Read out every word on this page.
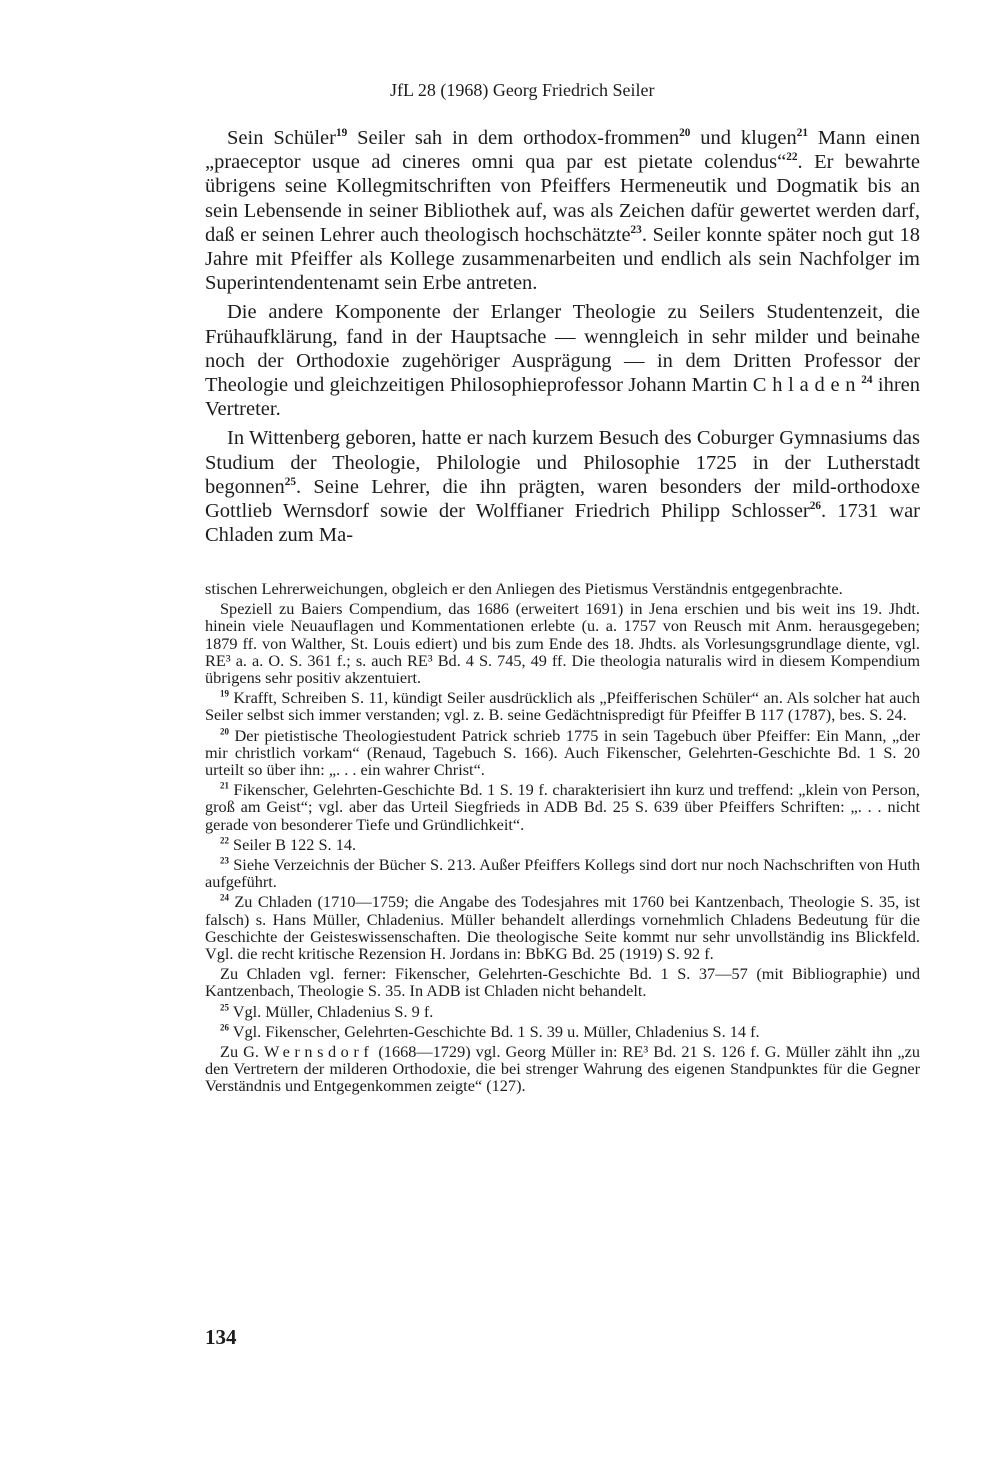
JfL 28 (1968) Georg Friedrich Seiler

Sein Schüler$^{19}$ Seiler sah in dem orthodox-frommen$^{20}$ und klugen$^{21}$ Mann einen „praeceptor usque ad cineres omni qua par est pietate colendus“$^{22}$. Er bewahrte übrigens seine Kollegmitschriften von Pfeiffers Hermeneutik und Dogmatik bis an sein Lebensende in seiner Bibliothek auf, was als Zeichen dafür gewertet werden darf, daß er seinen Lehrer auch theologisch hochschätzte$^{23}$. Seiler konnte später noch gut 18 Jahre mit Pfeiffer als Kollege zusammenarbeiten und endlich als sein Nachfolger im Superintendentenamt sein Erbe antreten.

Die andere Komponente der Erlanger Theologie zu Seilers Studentenzeit, die Frühaufklärung, fand in der Hauptsache — wenngleich in sehr milder und beinahe noch der Orthodoxie zugehöriger Ausprägung — in dem Dritten Professor der Theologie und gleichzeitigen Philosophieprofessor Johann Martin Chladen$^{24}$ ihren Vertreter.

In Wittenberg geboren, hatte er nach kurzem Besuch des Coburger Gymnasiums das Studium der Theologie, Philologie und Philosophie 1725 in der Lutherstadt begonnen$^{25}$. Seine Lehrer, die ihn prägten, waren besonders der mild-orthodoxe Gottlieb Wernsdorf sowie der Wolffianer Friedrich Philipp Schlosser$^{26}$. 1731 war Chladen zum Ma-

stischen Lehrerweichungen, obgleich er den Anliegen des Pietismus Verständnis entgegenbrachte.

Speziell zu Baiers Compendium, das 1686 (erweitert 1691) in Jena erschien und bis weit ins 19. Jhdt. hinein viele Neuauflagen und Kommentationen erlebte (u. a. 1757 von Reusch mit Anm. herausgegeben; 1879 ff. von Walther, St. Louis ediert) und bis zum Ende des 18. Jhdts. als Vorlesungsgrundlage diente, vgl. RE³ a. a. O. S. 361 f.; s. auch RE³ Bd. 4 S. 745, 49 ff. Die theologia naturalis wird in diesem Kompendium übrigens sehr positiv akzentuiert.

$^{19}$ Krafft, Schreiben S. 11, kündigt Seiler ausdrücklich als „Pfeifferischen Schüler“ an. Als solcher hat auch Seiler selbst sich immer verstanden; vgl. z. B. seine Gedächtnispredigt für Pfeiffer B 117 (1787), bes. S. 24.

$^{20}$ Der pietistische Theologiestudent Patrick schrieb 1775 in sein Tagebuch über Pfeiffer: Ein Mann, „der mir christlich vorkam“ (Renaud, Tagebuch S. 166). Auch Fikenscher, Gelehrten-Geschichte Bd. 1 S. 20 urteilt so über ihn: „. . . ein wahrer Christ“.

$^{21}$ Fikenscher, Gelehrten-Geschichte Bd. 1 S. 19 f. charakterisiert ihn kurz und treffend: „klein von Person, groß am Geist“; vgl. aber das Urteil Siegfrieds in ADB Bd. 25 S. 639 über Pfeiffers Schriften: „. . . nicht gerade von besonderer Tiefe und Gründlichkeit“.

$^{22}$ Seiler B 122 S. 14.

$^{23}$ Siehe Verzeichnis der Bücher S. 213. Außer Pfeiffers Kollegs sind dort nur noch Nachschriften von Huth aufgeführt.

$^{24}$ Zu Chladen (1710—1759; die Angabe des Todesjahres mit 1760 bei Kantzenbach, Theologie S. 35, ist falsch) s. Hans Müller, Chladenius. Müller behandelt allerdings vornehmlich Chladens Bedeutung für die Geschichte der Geisteswissenschaften. Die theologische Seite kommt nur sehr unvollständig ins Blickfeld. Vgl. die recht kritische Rezension H. Jordans in: BbKG Bd. 25 (1919) S. 92 f.

Zu Chladen vgl. ferner: Fikenscher, Gelehrten-Geschichte Bd. 1 S. 37—57 (mit Bibliographie) und Kantzenbach, Theologie S. 35. In ADB ist Chladen nicht behandelt.

$^{25}$ Vgl. Müller, Chladenius S. 9 f.

$^{26}$ Vgl. Fikenscher, Gelehrten-Geschichte Bd. 1 S. 39 u. Müller, Chladenius S. 14 f.

Zu G. Wernsdorf (1668—1729) vgl. Georg Müller in: RE³ Bd. 21 S. 126 f. G. Müller zählt ihn „zu den Vertretern der milderen Orthodoxie, die bei strenger Wahrung des eigenen Standpunktes für die Gegner Verständnis und Entgegenkommen zeigte“ (127).

134
